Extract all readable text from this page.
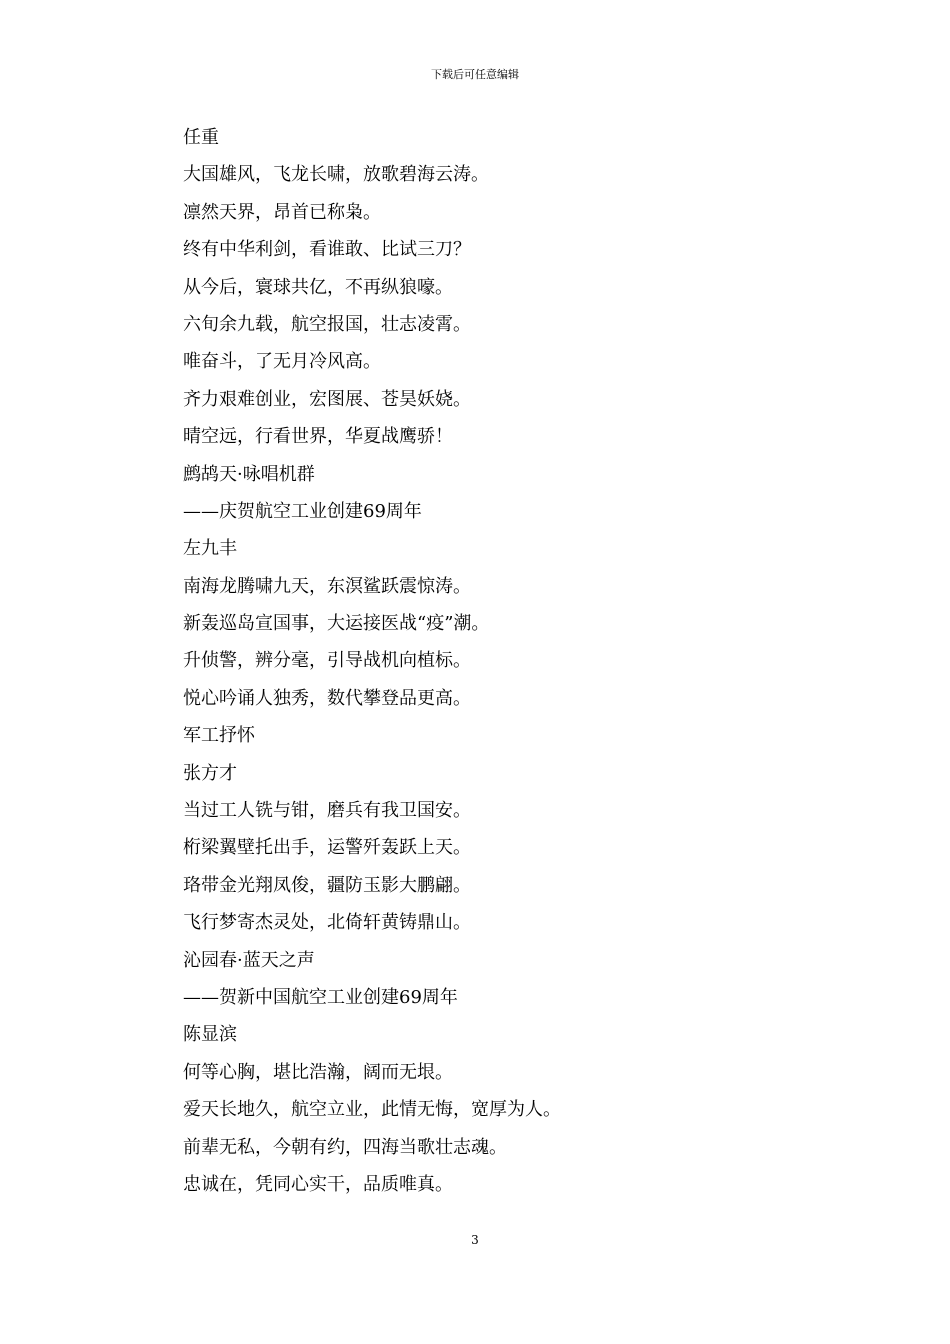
下载后可任意编辑
任重
大国雄风，飞龙长啸，放歌碧海云涛。
凛然天界，昂首已称枭。
终有中华利剑，看谁敢、比试三刀？
从今后，寰球共亿，不再纵狼嚎。
六旬余九载，航空报国，壮志凌霄。
唯奋斗，了无月冷风高。
齐力艰难创业，宏图展、苍昊妖娆。
晴空远，行看世界，华夏战鹰骄！
鹧鸪天·咏唱机群
——庆贺航空工业创建69周年
左九丰
南海龙腾啸九天，东溟鲨跃震惊涛。
新轰巡岛宣国事，大运接医战“疫”潮。
升侦警，辨分毫，引导战机向植标。
悦心吟诵人独秀，数代攀登品更高。
军工抒怀
张方才
当过工人铣与钳，磨兵有我卫国安。
桁梁翼壁托出手，运警歼轰跃上天。
珞带金光翔凤俊，疆防玉影大鹏翩。
飞行梦寄杰灵处，北倚轩黄铸鼎山。
沁园春·蓝天之声
——贺新中国航空工业创建69周年
陈显滨
何等心胸，堪比浩瀚，阔而无垠。
爱天长地久，航空立业，此情无悔，宽厚为人。
前辈无私，今朝有约，四海当歌壮志魂。
忠诚在，凭同心实干，品质唯真。
3
